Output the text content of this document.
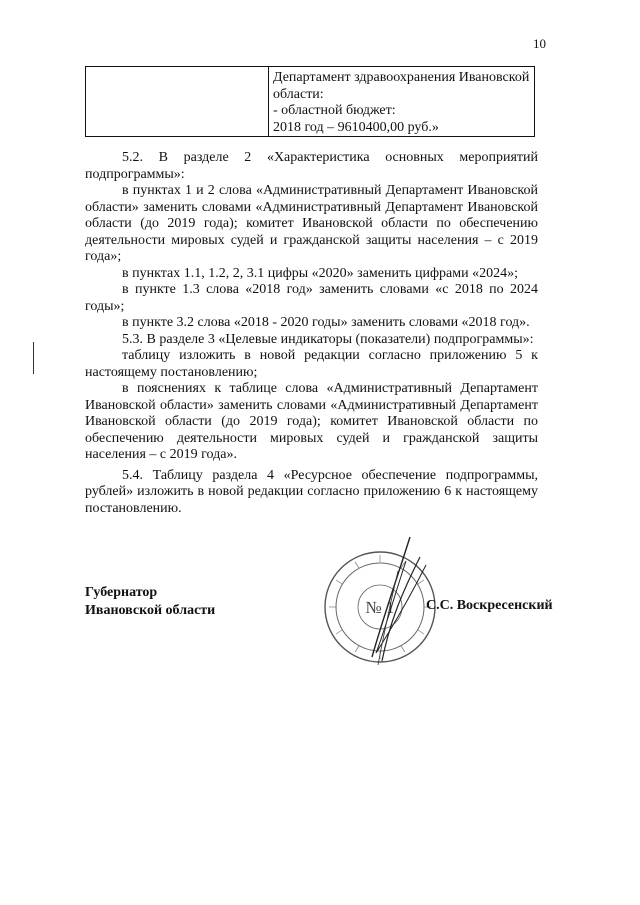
10

Департамент здравоохранения Ивановской
области:
- областной бюджет:
2018 год – 9610400,00 руб.»

5.2. В разделе 2 «Характеристика основных мероприятий подпрограммы»:

в пунктах 1 и 2 слова «Административный Департамент Ивановской области» заменить словами «Административный Департамент Ивановской области (до 2019 года); комитет Ивановской области по обеспечению деятельности мировых судей и гражданской защиты населения – с 2019 года»;

в пунктах 1.1, 1.2, 2, 3.1 цифры «2020» заменить цифрами «2024»;

в пункте 1.3 слова «2018 год» заменить словами «с 2018 по 2024 годы»;

в пункте 3.2 слова «2018 - 2020 годы» заменить словами «2018 год».

5.3. В разделе 3 «Целевые индикаторы (показатели) подпрограммы»:

таблицу изложить в новой редакции согласно приложению 5 к настоящему постановлению;

в пояснениях к таблице слова «Административный Департамент Ивановской области» заменить словами «Административный Департамент Ивановской области (до 2019 года); комитет Ивановской области по обеспечению деятельности мировых судей и гражданской защиты населения – с 2019 года».

5.4. Таблицу раздела 4 «Ресурсное обеспечение подпрограммы, рублей» изложить в новой редакции согласно приложению 6 к настоящему постановлению.

№ 1
Губернатор
Ивановской области	С.С. Воскресенский
